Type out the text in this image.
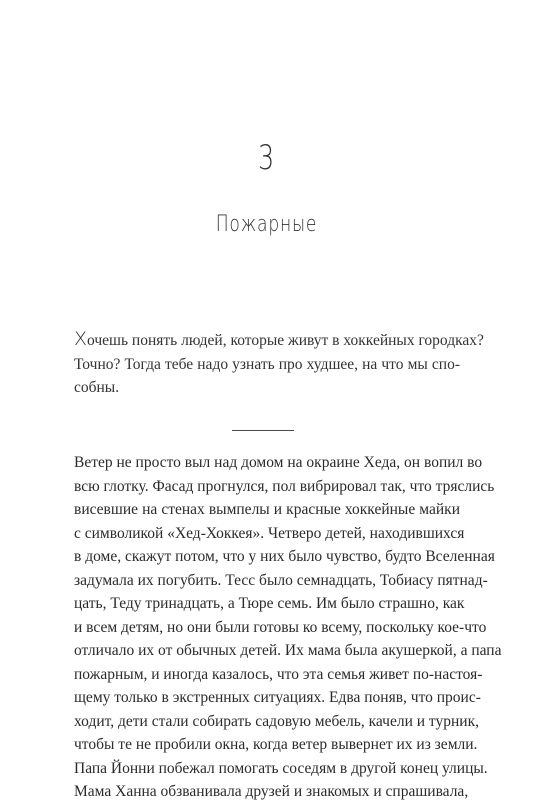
3
Пожарные
Хочешь понять людей, которые живут в хоккейных городках?
Точно? Тогда тебе надо узнать про худшее, на что мы спо-
собны.
Ветер не просто выл над домом на окраине Хеда, он вопил во
всю глотку. Фасад прогнулся, пол вибрировал так, что тряслись
висевшие на стенах вымпелы и красные хоккейные майки
с символикой «Хед-Хоккея». Четверо детей, находившихся
в доме, скажут потом, что у них было чувство, будто Вселенная
задумала их погубить. Тесс было семнадцать, Тобиасу пятнад-
цать, Теду тринадцать, а Тюре семь. Им было страшно, как
и всем детям, но они были готовы ко всему, поскольку кое-что
отличало их от обычных детей. Их мама была акушеркой, а папа
пожарным, и иногда казалось, что эта семья живет по-настоя-
щему только в экстренных ситуациях. Едва поняв, что проис-
ходит, дети стали собирать садовую мебель, качели и турник,
чтобы те не пробили окна, когда ветер вывернет их из земли.
Папа Йонни побежал помогать соседям в другой конец улицы.
Мама Ханна обзванивала друзей и знакомых и спрашивала,
